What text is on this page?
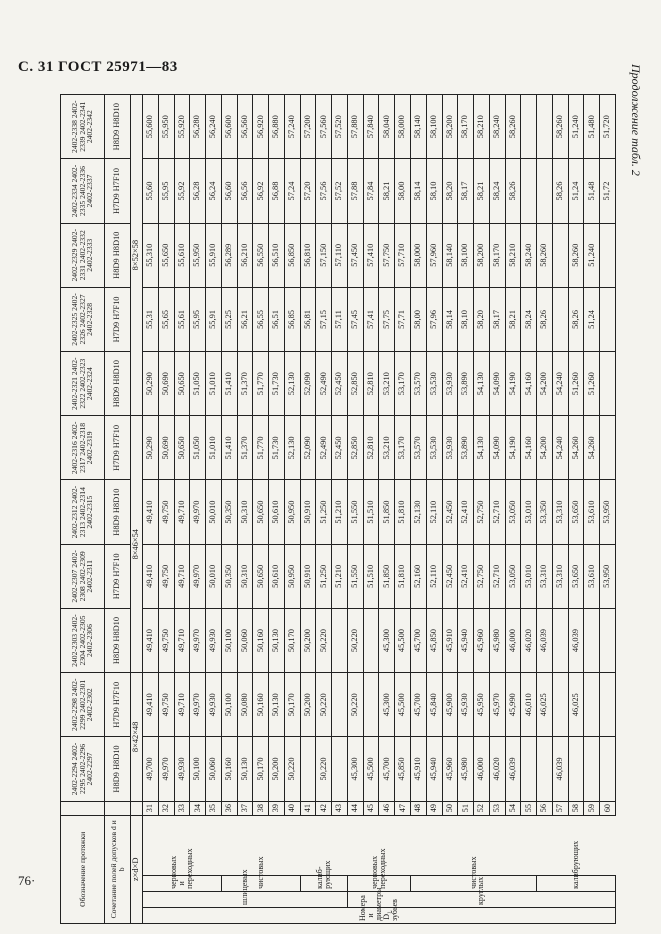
С. 31 ГОСТ 25971—83	Продолжение табл. 2
76·	Обозначение протяжки					2402-2294 2402-2295 2402-2296 2402-2297	2402-2298 2402-2299 2402-2301 2402-2302	2402-2303 2402-2304 2402-2305 2402-2306	2402-2307 2402-2308 2402-2309 2402-2311	2402-2312 2402-2313 2402-2314 2402-2315	2402-2316 2402-2317 2402-2318 2402-2319	2402-2321 2402-2322 2402-2323 2402-2324	2402-2325 2402-2326 2402-2327 2402-2328	2402-2329 2402-2331 2402-2332 2402-2333	2402-2334 2402-2335 2402-2336 2402-2337	2402-2338 2402-2339 2402-2341 2402-2342
Сочетание полей допусков d и b					H8D9 H8D10	H7D9 H7F10	H8D9 H8D10	H7D9 H7F10	H8D9 H8D10	H7D9 H7F10	H8D9 H8D10	H7D9 H7F10	H8D9 H8D10	H7D9 H7F10	H8D9 H8D10
z×d×D					8×42×48		8×46×54				8×52×58				
Номера и диаметры D₁ зубьев	шлицевых	черновых и переходных		31	49,700	49,410	49,410	49,410	49,410	50,290	50,290	55,31	55,310	55,60	55,600
				32	49,970	49,750	49,750	49,750	49,750	50,690	50,690	55,65	55,650	55,95	55,950
				33	49,930	49,710	49,710	49,710	49,710	50,650	50,650	55,61	55,610	55,92	55,920
				34	50,100	49,970	49,970	49,970	49,970	51,050	51,050	55,95	55,950	56,28	56,280
				35	50,060	49,930	49,930	50,010	50,010	51,010	51,010	55,91	55,910	56,24	56,240
		чистовых		36	50,160	50,100	50,100	50,350	50,350	51,410	51,410	55,25	56,289	56,60	56,600
				37	50,130	50,080	50,060	50,310	50,310	51,370	51,370	56,21	56,210	56,56	56,560
				38	50,170	50,160	50,160	50,650	50,650	51,770	51,770	56,55	56,550	56,92	56,920
				39	50,200	50,130	50,130	50,610	50,610	51,730	51,730	56,51	56,510	56,88	56,880
				40	50,220	50,170	50,170	50,950	50,950	52,130	52,130	56,85	56,850	57,24	57,240
		калиб-рующих		41		50,200	50,200	50,910	50,910	52,090	52,090	56,81	56,810	57,20	57,200
				42	50,220	50,220	50,220	51,250	51,250	52,490	52,490	57,15	57,150	57,56	57,560
				43				51,210	51,210	52,450	52,450	57,11	57,110	57,52	57,520
	круглых	черновых переходных		44	45,300	50,220	50,220	51,550	51,550	52,850	52,850	57,45	57,450	57,88	57,880
				45	45,500			51,510	51,510	52,810	52,810	57,41	57,410	57,84	57,840
				46	45,700	45,300	45,300	51,850	51,850	53,210	53,210	57,75	57,750	58,21	58,040
				47	45,850	45,500	45,500	51,810	51,810	53,170	53,170	57,71	57,710	58,00	58,000
		чистовых		48	45,910	45,700	45,700	52,160	52,130	53,570	53,570	58,00	58,000	58,14	58,140
				49	45,940	45,840	45,850	52,110	52,110	53,530	53,530	57,96	57,960	58,10	58,100
				50	45,960	45,900	45,910	52,450	52,450	53,930	53,930	58,14	58,140	58,20	58,200
				51	45,980	45,930	45,940	52,410	52,410	53,890	53,890	58,10	58,100	58,17	58,170
				52	46,000	45,950	45,960	52,750	52,750	54,130	54,130	58,20	58,200	58,21	58,210
				53	46,020	45,970	45,980	52,710	52,710	54,090	54,090	58,17	58,170	58,24	58,240
				54	46,039	45,990	46,000	53,050	53,050	54,190	54,190	58,21	58,210	58,26	58,260
				55		46,010	46,020	53,010	53,010	54,160	54,160	58,24	58,240		
		калибрующих		56		46,025	46,039	53,310	53,350	54,200	54,200	58,26	58,260		
				57	46,039			53,310	53,310	54,240	54,240			58,26	58,260
				58		46,025	46,039	53,650	53,650	54,260	51,260	58,26	58,260	51,24	51,240
				59				53,610	53,610	54,260	51,260	51,24	51,240	51,48	51,480
				60				53,950	53,950					51,72	51,720
